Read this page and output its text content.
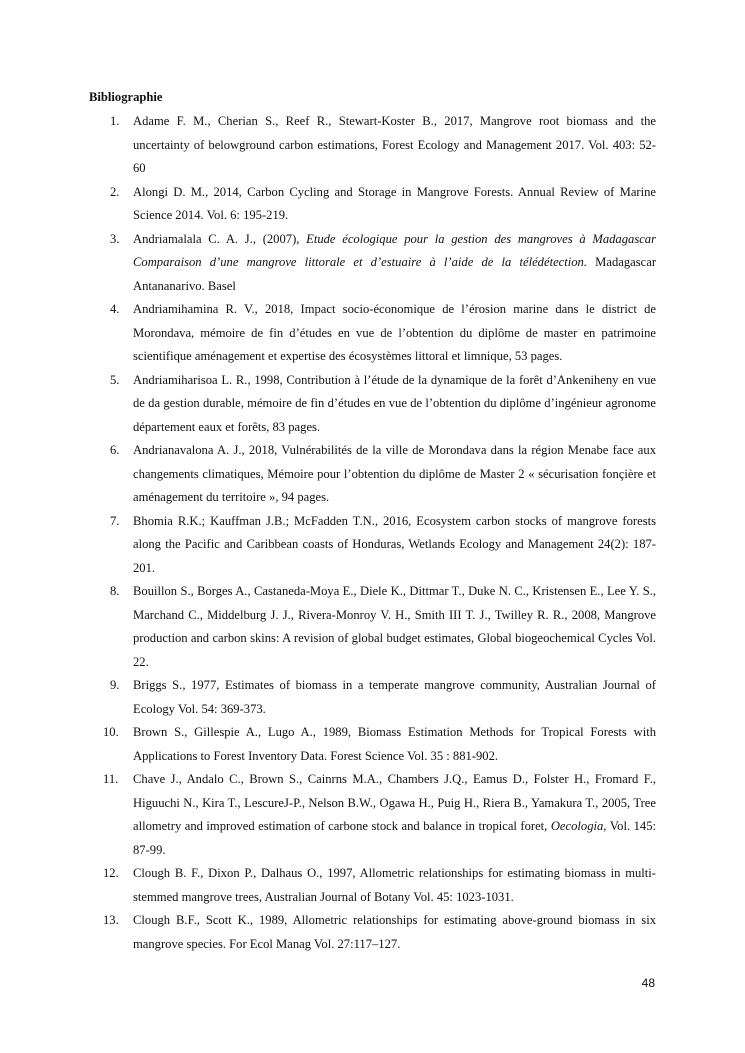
Bibliographie
1.	Adame F. M., Cherian S., Reef R., Stewart-Koster B., 2017, Mangrove root biomass and the uncertainty of belowground carbon estimations, Forest Ecology and Management 2017. Vol. 403: 52-60
2.	Alongi D. M., 2014, Carbon Cycling and Storage in Mangrove Forests. Annual Review of Marine Science 2014. Vol. 6: 195-219.
3.	Andriamalala C. A. J., (2007), Etude écologique pour la gestion des mangroves à Madagascar Comparaison d’une mangrove littorale et d’estuaire à l’aide de la télédétection. Madagascar Antananarivo. Basel
4.	Andriamihamina R. V., 2018, Impact socio-économique de l’érosion marine dans le district de Morondava, mémoire de fin d’études en vue de l’obtention du diplôme de master en patrimoine scientifique aménagement et expertise des écosystèmes littoral et limnique, 53 pages.
5.	Andriamiharisoa L. R., 1998, Contribution à l’étude de la dynamique de la forêt d’Ankeniheny en vue de da gestion durable, mémoire de fin d’études en vue de l’obtention du diplôme d’ingénieur agronome département eaux et forêts, 83 pages.
6.	Andrianavalona A. J., 2018, Vulnérabilités de la ville de Morondava dans la région Menabe face aux changements climatiques, Mémoire pour l’obtention du diplôme de Master 2 « sécurisation fonçière et aménagement du territoire », 94 pages.
7.	Bhomia R.K.; Kauffman J.B.; McFadden T.N., 2016, Ecosystem carbon stocks of mangrove forests along the Pacific and Caribbean coasts of Honduras, Wetlands Ecology and Management 24(2): 187-201.
8.	Bouillon S., Borges A., Castaneda-Moya E., Diele K., Dittmar T., Duke N. C., Kristensen E., Lee Y. S., Marchand C., Middelburg J. J., Rivera-Monroy V. H., Smith III T. J., Twilley R. R., 2008, Mangrove production and carbon skins: A revision of global budget estimates, Global biogeochemical Cycles Vol. 22.
9.	Briggs S., 1977, Estimates of biomass in a temperate mangrove community, Australian Journal of Ecology Vol. 54: 369-373.
10.	Brown S., Gillespie A., Lugo A., 1989, Biomass Estimation Methods for Tropical Forests with Applications to Forest Inventory Data. Forest Science Vol. 35 : 881-902.
11.	Chave J., Andalo C., Brown S., Cainrns M.A., Chambers J.Q., Eamus D., Folster H., Fromard F., Higuuchi N., Kira T., LescureJ-P., Nelson B.W., Ogawa H., Puig H., Riera B., Yamakura T., 2005, Tree allometry and improved estimation of carbone stock and balance in tropical foret, Oecologia, Vol. 145: 87-99.
12.	Clough B. F., Dixon P., Dalhaus O., 1997, Allometric relationships for estimating biomass in multi-stemmed mangrove trees, Australian Journal of Botany Vol. 45: 1023-1031.
13.	Clough B.F., Scott K., 1989, Allometric relationships for estimating above-ground biomass in six mangrove species. For Ecol Manag Vol. 27:117–127.
48
